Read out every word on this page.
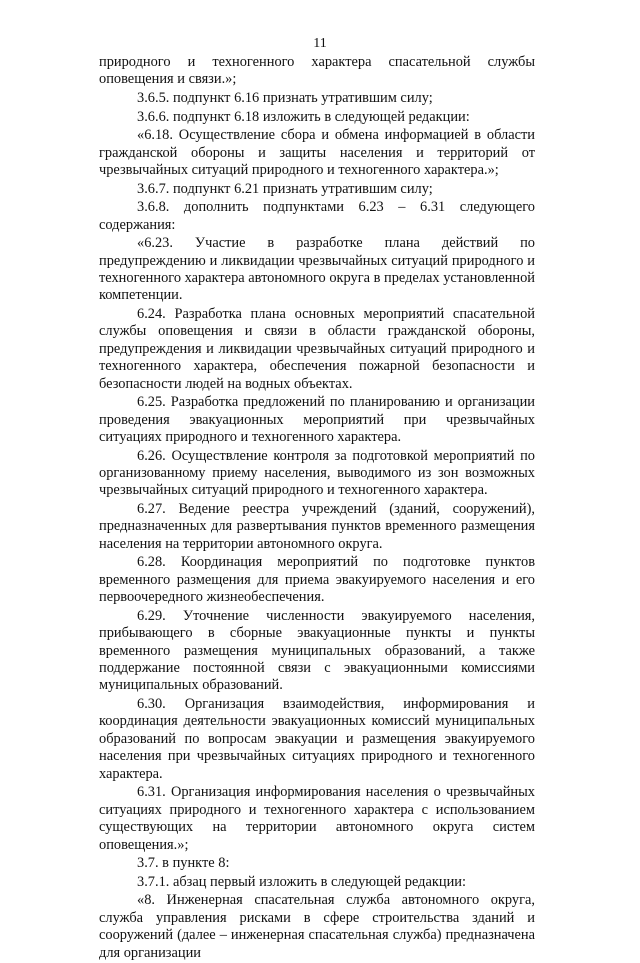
11

природного и техногенного характера спасательной службы оповещения и связи.»;

3.6.5. подпункт 6.16 признать утратившим силу;

3.6.6. подпункт 6.18 изложить в следующей редакции:

«6.18. Осуществление сбора и обмена информацией в области гражданской обороны и защиты населения и территорий от чрезвычайных ситуаций природного и техногенного характера.»;

3.6.7. подпункт 6.21 признать утратившим силу;

3.6.8. дополнить подпунктами 6.23 – 6.31 следующего содержания:

«6.23. Участие в разработке плана действий по предупреждению и ликвидации чрезвычайных ситуаций природного и техногенного характера автономного округа в пределах установленной компетенции.

6.24. Разработка плана основных мероприятий спасательной службы оповещения и связи в области гражданской обороны, предупреждения и ликвидации чрезвычайных ситуаций природного и техногенного характера, обеспечения пожарной безопасности и безопасности людей на водных объектах.

6.25. Разработка предложений по планированию и организации проведения эвакуационных мероприятий при чрезвычайных ситуациях природного и техногенного характера.

6.26. Осуществление контроля за подготовкой мероприятий по организованному приему населения, выводимого из зон возможных чрезвычайных ситуаций природного и техногенного характера.

6.27. Ведение реестра учреждений (зданий, сооружений), предназначенных для развертывания пунктов временного размещения населения на территории автономного округа.

6.28. Координация мероприятий по подготовке пунктов временного размещения для приема эвакуируемого населения и его первоочередного жизнеобеспечения.

6.29. Уточнение численности эвакуируемого населения, прибывающего в сборные эвакуационные пункты и пункты временного размещения муниципальных образований, а также поддержание постоянной связи с эвакуационными комиссиями муниципальных образований.

6.30. Организация взаимодействия, информирования и координация деятельности эвакуационных комиссий муниципальных образований по вопросам эвакуации и размещения эвакуируемого населения при чрезвычайных ситуациях природного и техногенного характера.

6.31. Организация информирования населения о чрезвычайных ситуациях природного и техногенного характера с использованием существующих на территории автономного округа систем оповещения.»;

3.7. в пункте 8:

3.7.1. абзац первый изложить в следующей редакции:

«8. Инженерная спасательная служба автономного округа, служба управления рисками в сфере строительства зданий и сооружений (далее – инженерная спасательная служба) предназначена для организации
